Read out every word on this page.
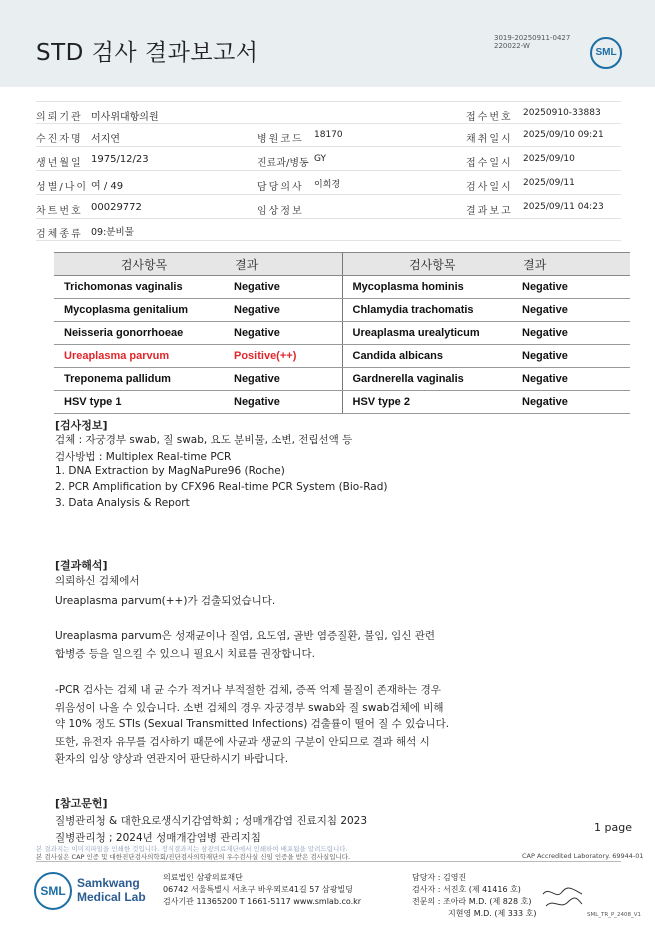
STD 검사 결과보고서
3019-20250911-0427
220022-W
SML
의뢰기관 미사위대항의원	접수번호 20250910-33883
수진자명 서지연	병원코드 18170	채취일시 2025/09/10 09:21
생년월일 1975/12/23	진료과/병동 GY	접수일시 2025/09/10
성별/나이 여 / 49	담당의사 이희경	검사일시 2025/09/11
차트번호 00029772	임상정보	결과보고 2025/09/11 04:23
검체종류 09:분비물
검사항목	결과	검사항목	결과
Trichomonas vaginalis	Negative	Mycoplasma hominis	Negative
Mycoplasma genitalium	Negative	Chlamydia trachomatis	Negative
Neisseria gonorrhoeae	Negative	Ureaplasma urealyticum	Negative
Ureaplasma parvum	Positive(++)	Candida albicans	Negative
Treponema pallidum	Negative	Gardnerella vaginalis	Negative
HSV type 1	Negative	HSV type 2	Negative
[검사정보]
검체 : 자궁경부 swab, 질 swab, 요도 분비물, 소변, 전립선액 등
검사방법 : Multiplex Real-time PCR
1. DNA Extraction by MagNaPure96 (Roche)
2. PCR Amplification by CFX96 Real-time PCR System (Bio-Rad)
3. Data Analysis & Report
[결과해석]
의뢰하신 검체에서
Ureaplasma parvum(++)가 검출되었습니다.
Ureaplasma parvum은 성재균이나 질염, 요도염, 골반 염증질환, 불임, 임신 관련
합병증 등을 일으킬 수 있으니 필요시 치료를 권장합니다.
-PCR 검사는 검체 내 균 수가 적거나 부적절한 검체, 증폭 억제 물질이 존재하는 경우
위음성이 나올 수 있습니다. 소변 검체의 경우 자궁경부 swab와 질 swab검체에 비해
약 10% 정도 STIs (Sexual Transmitted Infections) 검출률이 떨어 질 수 있습니다.
또한, 유전자 유무를 검사하기 때문에 사균과 생균의 구분이 안되므로 결과 해석 시
환자의 임상 양상과 연관지어 판단하시기 바랍니다.
[참고문헌]
질병관리청 & 대한요로생식기감염학회 ; 성매개감염 진료지침 2023
질병관리청 ; 2024년 성매개감염병 관리지침
1 page
본 결과지는 이미지파일을 인쇄한 것입니다. 정식결과지는 삼광의료재단에서 인쇄하여 배포됨을 알려드립니다.
본 검사실은 CAP 인증 및 대한진단검사의학회/진단검사의학재단의 우수검사실 신임 인증을 받은 검사실입니다.	CAP Accredited Laboratory. 69944-01
SML
Samkwang
Medical Lab
의료법인 삼광의료재단
06742 서울특별시 서초구 바우뫼로41길 57 삼광빌딩
검사기관 11365200 T 1661-5117 www.smlab.co.kr
담당자 : 김영진
검사자 : 서진호 (제 41416 호)
전문의 : 조아라 M.D. (제 828 호)
지현영 M.D. (제 333 호)	SML_TR_P_2408_V1
